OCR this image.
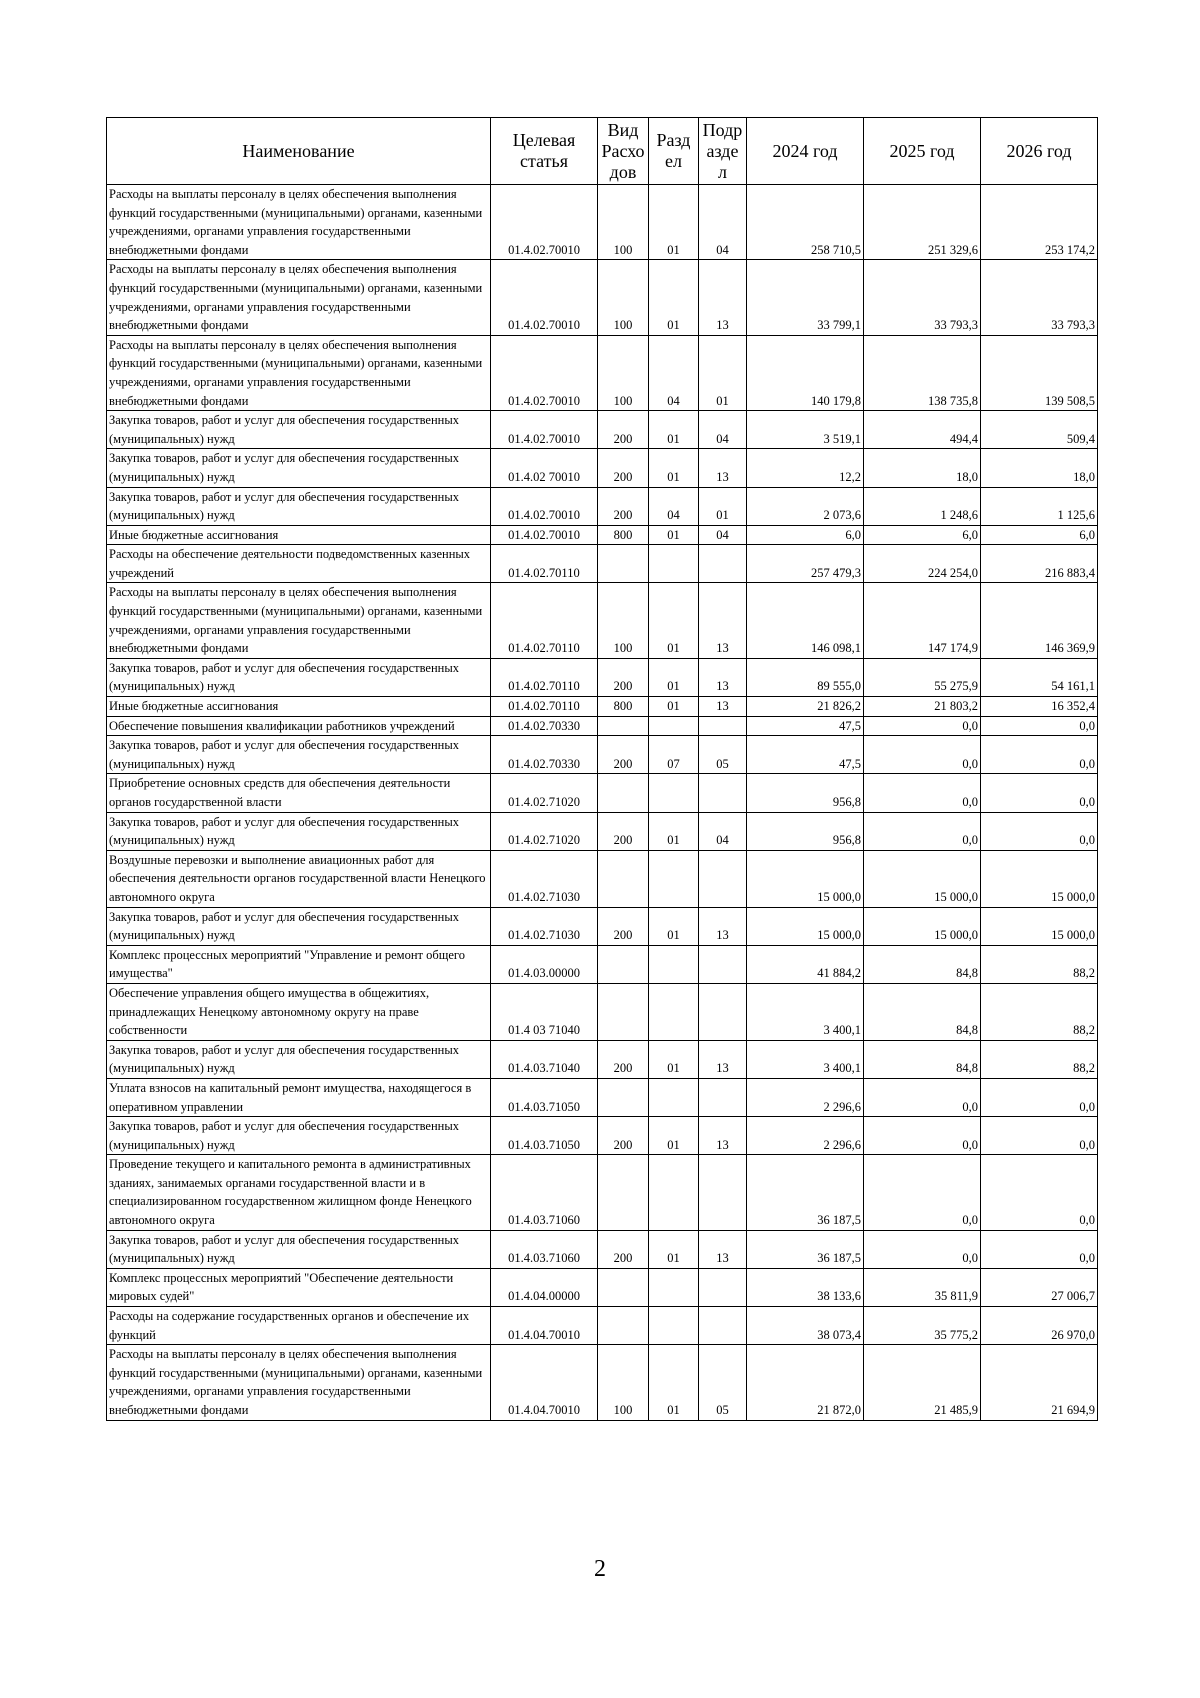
Наименование	Целевая статья	Вид Расхо дов	Разд ел	Подр азде л	2024 год	2025 год	2026 год
Расходы на выплаты персоналу в целях обеспечения выполнения функций государственными (муниципальными) органами, казенными учреждениями, органами управления государственными внебюджетными фондами	01.4.02.70010	100	01	04	258 710,5	251 329,6	253 174,2
Расходы на выплаты персоналу в целях обеспечения выполнения функций государственными (муниципальными) органами, казенными учреждениями, органами управления государственными внебюджетными фондами	01.4.02.70010	100	01	13	33 799,1	33 793,3	33 793,3
Расходы на выплаты персоналу в целях обеспечения выполнения функций государственными (муниципальными) органами, казенными учреждениями, органами управления государственными внебюджетными фондами	01.4.02.70010	100	04	01	140 179,8	138 735,8	139 508,5
Закупка товаров, работ и услуг для обеспечения государственных (муниципальных) нужд	01.4.02.70010	200	01	04	3 519,1	494,4	509,4
Закупка товаров, работ и услуг для обеспечения государственных (муниципальных) нужд	01.4.02 70010	200	01	13	12,2	18,0	18,0
Закупка товаров, работ и услуг для обеспечения государственных (муниципальных) нужд	01.4.02.70010	200	04	01	2 073,6	1 248,6	1 125,6
Иные бюджетные ассигнования	01.4.02.70010	800	01	04	6,0	6,0	6,0
Расходы на обеспечение деятельности подведомственных казенных учреждений	01.4.02.70110				257 479,3	224 254,0	216 883,4
Расходы на выплаты персоналу в целях обеспечения выполнения функций государственными (муниципальными) органами, казенными учреждениями, органами управления государственными внебюджетными фондами	01.4.02.70110	100	01	13	146 098,1	147 174,9	146 369,9
Закупка товаров, работ и услуг для обеспечения государственных (муниципальных) нужд	01.4.02.70110	200	01	13	89 555,0	55 275,9	54 161,1
Иные бюджетные ассигнования	01.4.02.70110	800	01	13	21 826,2	21 803,2	16 352,4
Обеспечение повышения квалификации работников учреждений	01.4.02.70330				47,5	0,0	0,0
Закупка товаров, работ и услуг для обеспечения государственных (муниципальных) нужд	01.4.02.70330	200	07	05	47,5	0,0	0,0
Приобретение основных средств для обеспечения деятельности органов государственной власти	01.4.02.71020				956,8	0,0	0,0
Закупка товаров, работ и услуг для обеспечения государственных (муниципальных) нужд	01.4.02.71020	200	01	04	956,8	0,0	0,0
Воздушные перевозки и выполнение авиационных работ для обеспечения деятельности органов государственной власти Ненецкого автономного округа	01.4.02.71030				15 000,0	15 000,0	15 000,0
Закупка товаров, работ и услуг для обеспечения государственных (муниципальных) нужд	01.4.02.71030	200	01	13	15 000,0	15 000,0	15 000,0
Комплекс процессных мероприятий "Управление и ремонт общего имущества"	01.4.03.00000				41 884,2	84,8	88,2
Обеспечение управления общего имущества в общежитиях, принадлежащих Ненецкому автономному округу на праве собственности	01.4 03 71040				3 400,1	84,8	88,2
Закупка товаров, работ и услуг для обеспечения государственных (муниципальных) нужд	01.4.03.71040	200	01	13	3 400,1	84,8	88,2
Уплата взносов на капитальный ремонт имущества, находящегося в оперативном управлении	01.4.03.71050				2 296,6	0,0	0,0
Закупка товаров, работ и услуг для обеспечения государственных (муниципальных) нужд	01.4.03.71050	200	01	13	2 296,6	0,0	0,0
Проведение текущего и капитального ремонта в административных зданиях, занимаемых органами государственной власти и в специализированном государственном жилищном фонде Ненецкого автономного округа	01.4.03.71060				36 187,5	0,0	0,0
Закупка товаров, работ и услуг для обеспечения государственных (муниципальных) нужд	01.4.03.71060	200	01	13	36 187,5	0,0	0,0
Комплекс процессных мероприятий "Обеспечение деятельности мировых судей"	01.4.04.00000				38 133,6	35 811,9	27 006,7
Расходы на содержание государственных органов и обеспечение их функций	01.4.04.70010				38 073,4	35 775,2	26 970,0
Расходы на выплаты персоналу в целях обеспечения выполнения функций государственными (муниципальными) органами, казенными учреждениями, органами управления государственными внебюджетными фондами	01.4.04.70010	100	01	05	21 872,0	21 485,9	21 694,9
2
